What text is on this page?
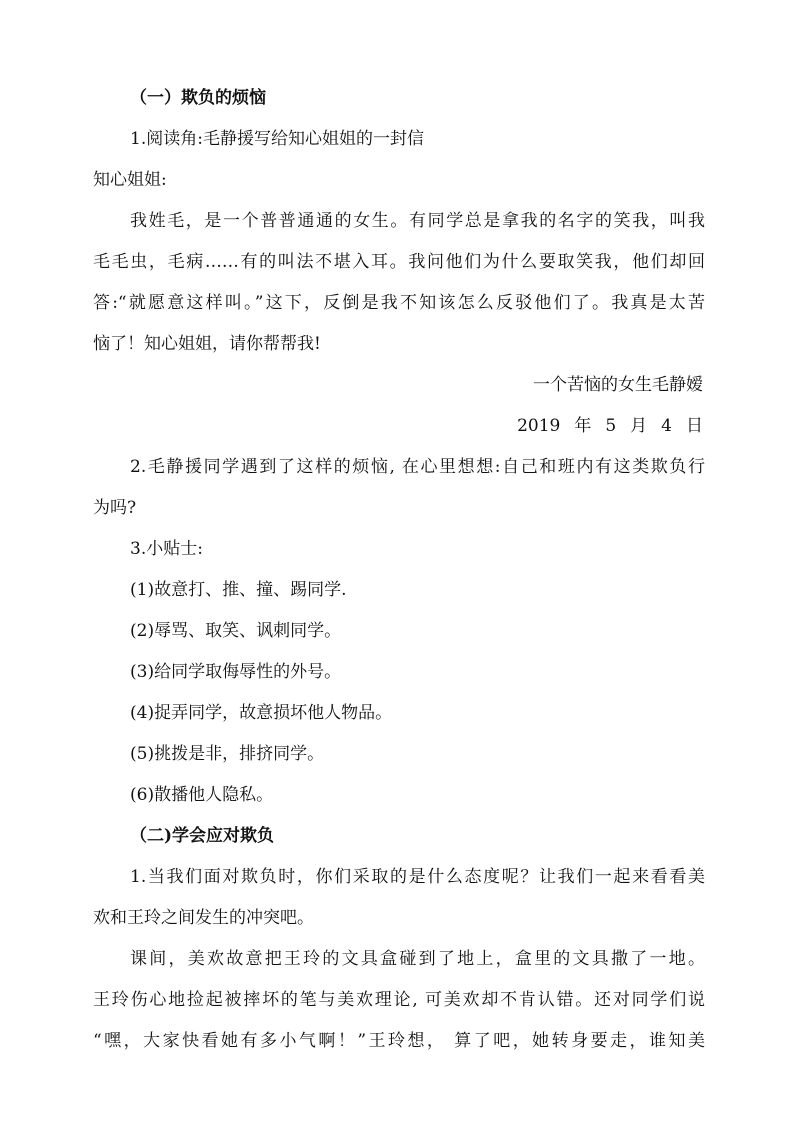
（一）欺负的烦恼
1.阅读角:毛静援写给知心姐姐的一封信
知心姐姐:
我姓毛，是一个普普通通的女生。有同学总是拿我的名字的笑我，叫我
毛毛虫，毛病……有的叫法不堪入耳。我问他们为什么要取笑我，他们却回
答:“就愿意这样叫。”这下，反倒是我不知该怎么反驳他们了。我真是太苦
恼了！知心姐姐，请你帮帮我!
一个苦恼的女生毛静嫒
2019 年 5 月 4 日
2.毛静援同学遇到了这样的烦恼, 在心里想想:自己和班内有这类欺负行
为吗?
3.小贴士:
(1)故意打、推、撞、踢同学.
(2)辱骂、取笑、讽刺同学。
(3)给同学取侮辱性的外号。
(4)捉弄同学，故意损坏他人物品。
(5)挑拨是非，排挤同学。
(6)散播他人隐私。
（二)学会应对欺负
1.当我们面对欺负时，你们采取的是什么态度呢？让我们一起来看看美
欢和王玲之间发生的冲突吧。
课间，美欢故意把王玲的文具盒碰到了地上，盒里的文具撒了一地。
王玲伤心地捡起被摔坏的笔与美欢理论, 可美欢却不肯认错。还对同学们说
“嘿，大家快看她有多小气啊！”王玲想， 算了吧，她转身要走，谁知美
